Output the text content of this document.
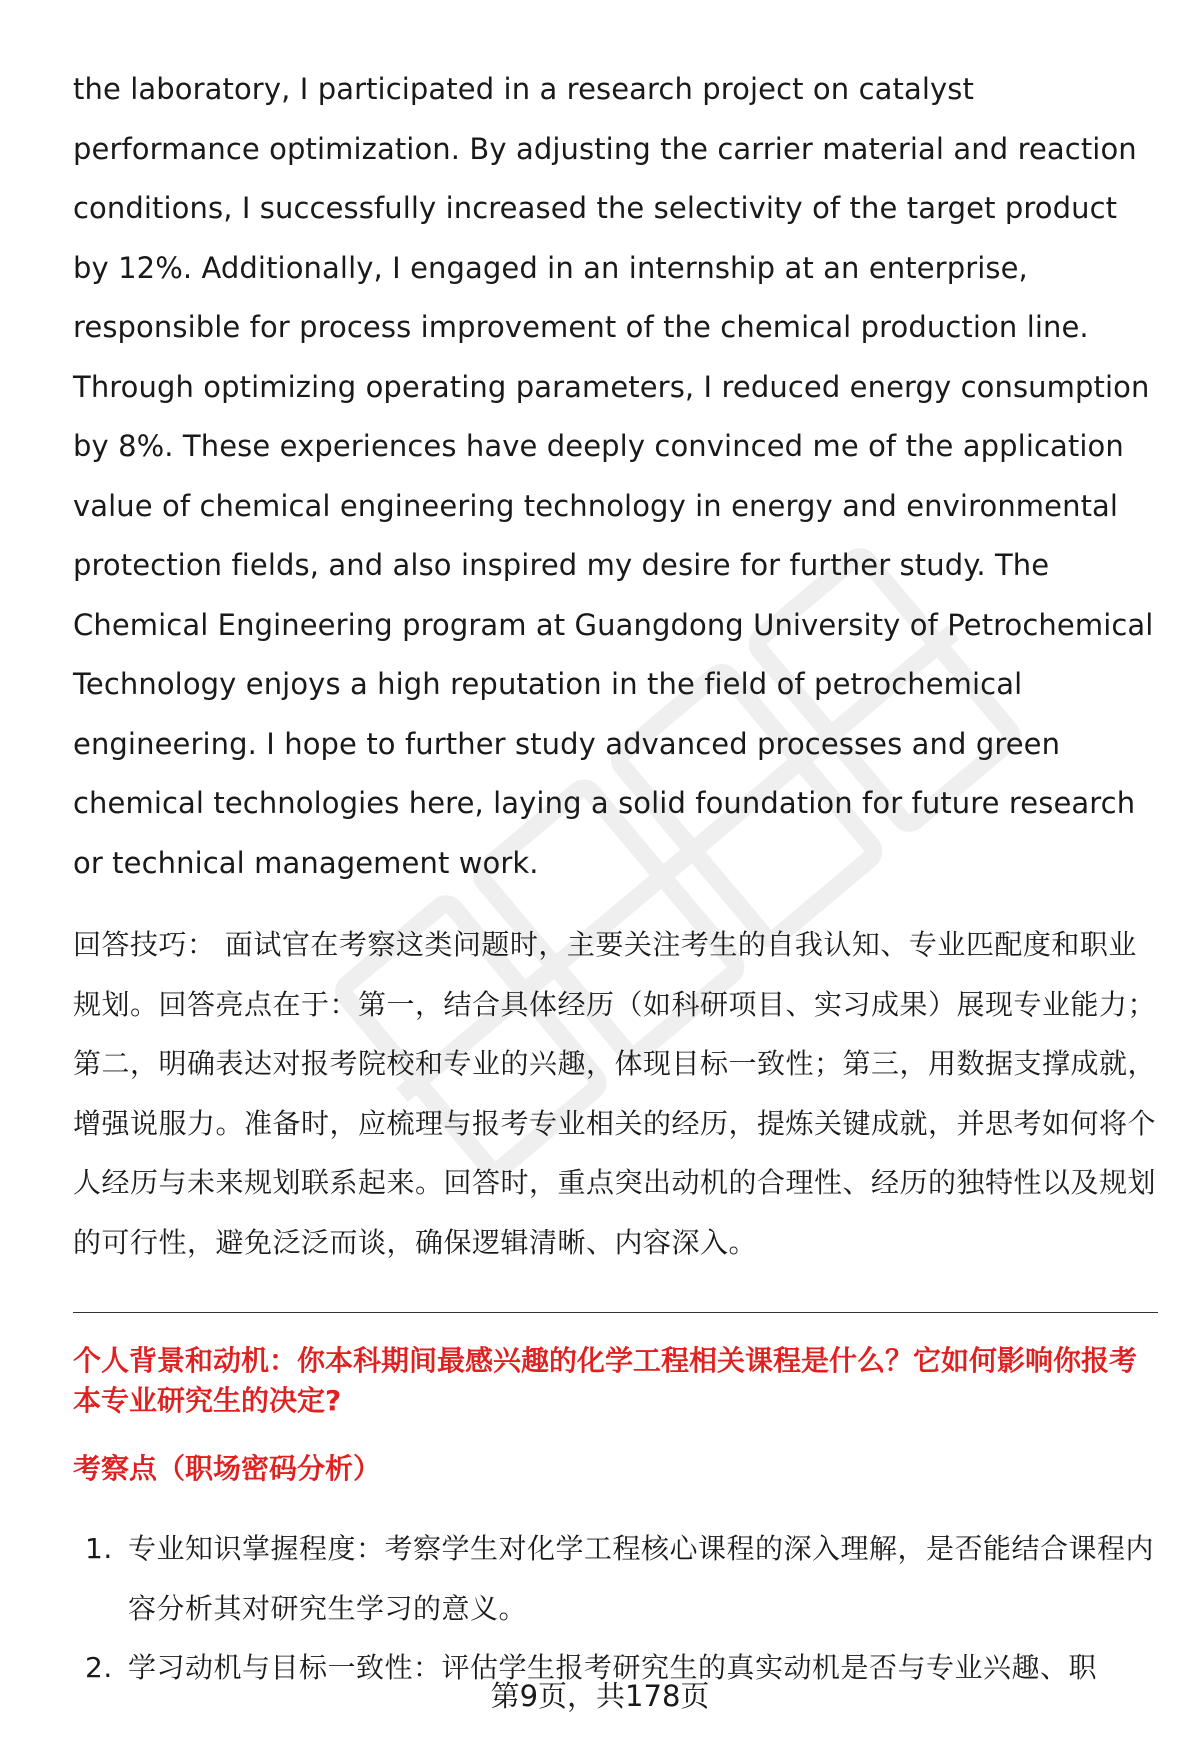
the laboratory, I participated in a research project on catalyst performance optimization. By adjusting the carrier material and reaction conditions, I successfully increased the selectivity of the target product by 12%. Additionally, I engaged in an internship at an enterprise, responsible for process improvement of the chemical production line. Through optimizing operating parameters, I reduced energy consumption by 8%. These experiences have deeply convinced me of the application value of chemical engineering technology in energy and environmental protection fields, and also inspired my desire for further study. The Chemical Engineering program at Guangdong University of Petrochemical Technology enjoys a high reputation in the field of petrochemical engineering. I hope to further study advanced processes and green chemical technologies here, laying a solid foundation for future research or technical management work.

回答技巧： 面试官在考察这类问题时，主要关注考生的自我认知、专业匹配度和职业规划。回答亮点在于：第一，结合具体经历（如科研项目、实习成果）展现专业能力；第二，明确表达对报考院校和专业的兴趣，体现目标一致性；第三，用数据支撑成就，增强说服力。准备时，应梳理与报考专业相关的经历，提炼关键成就，并思考如何将个人经历与未来规划联系起来。回答时，重点突出动机的合理性、经历的独特性以及规划的可行性，避免泛泛而谈，确保逻辑清晰、内容深入。

个人背景和动机：你本科期间最感兴趣的化学工程相关课程是什么？它如何影响你报考本专业研究生的决定?
考察点（职场密码分析）
1. 专业知识掌握程度：考察学生对化学工程核心课程的深入理解，是否能结合课程内容分析其对研究生学习的意义。
2. 学习动机与目标一致性：评估学生报考研究生的真实动机是否与专业兴趣、职
第9页，共178页
